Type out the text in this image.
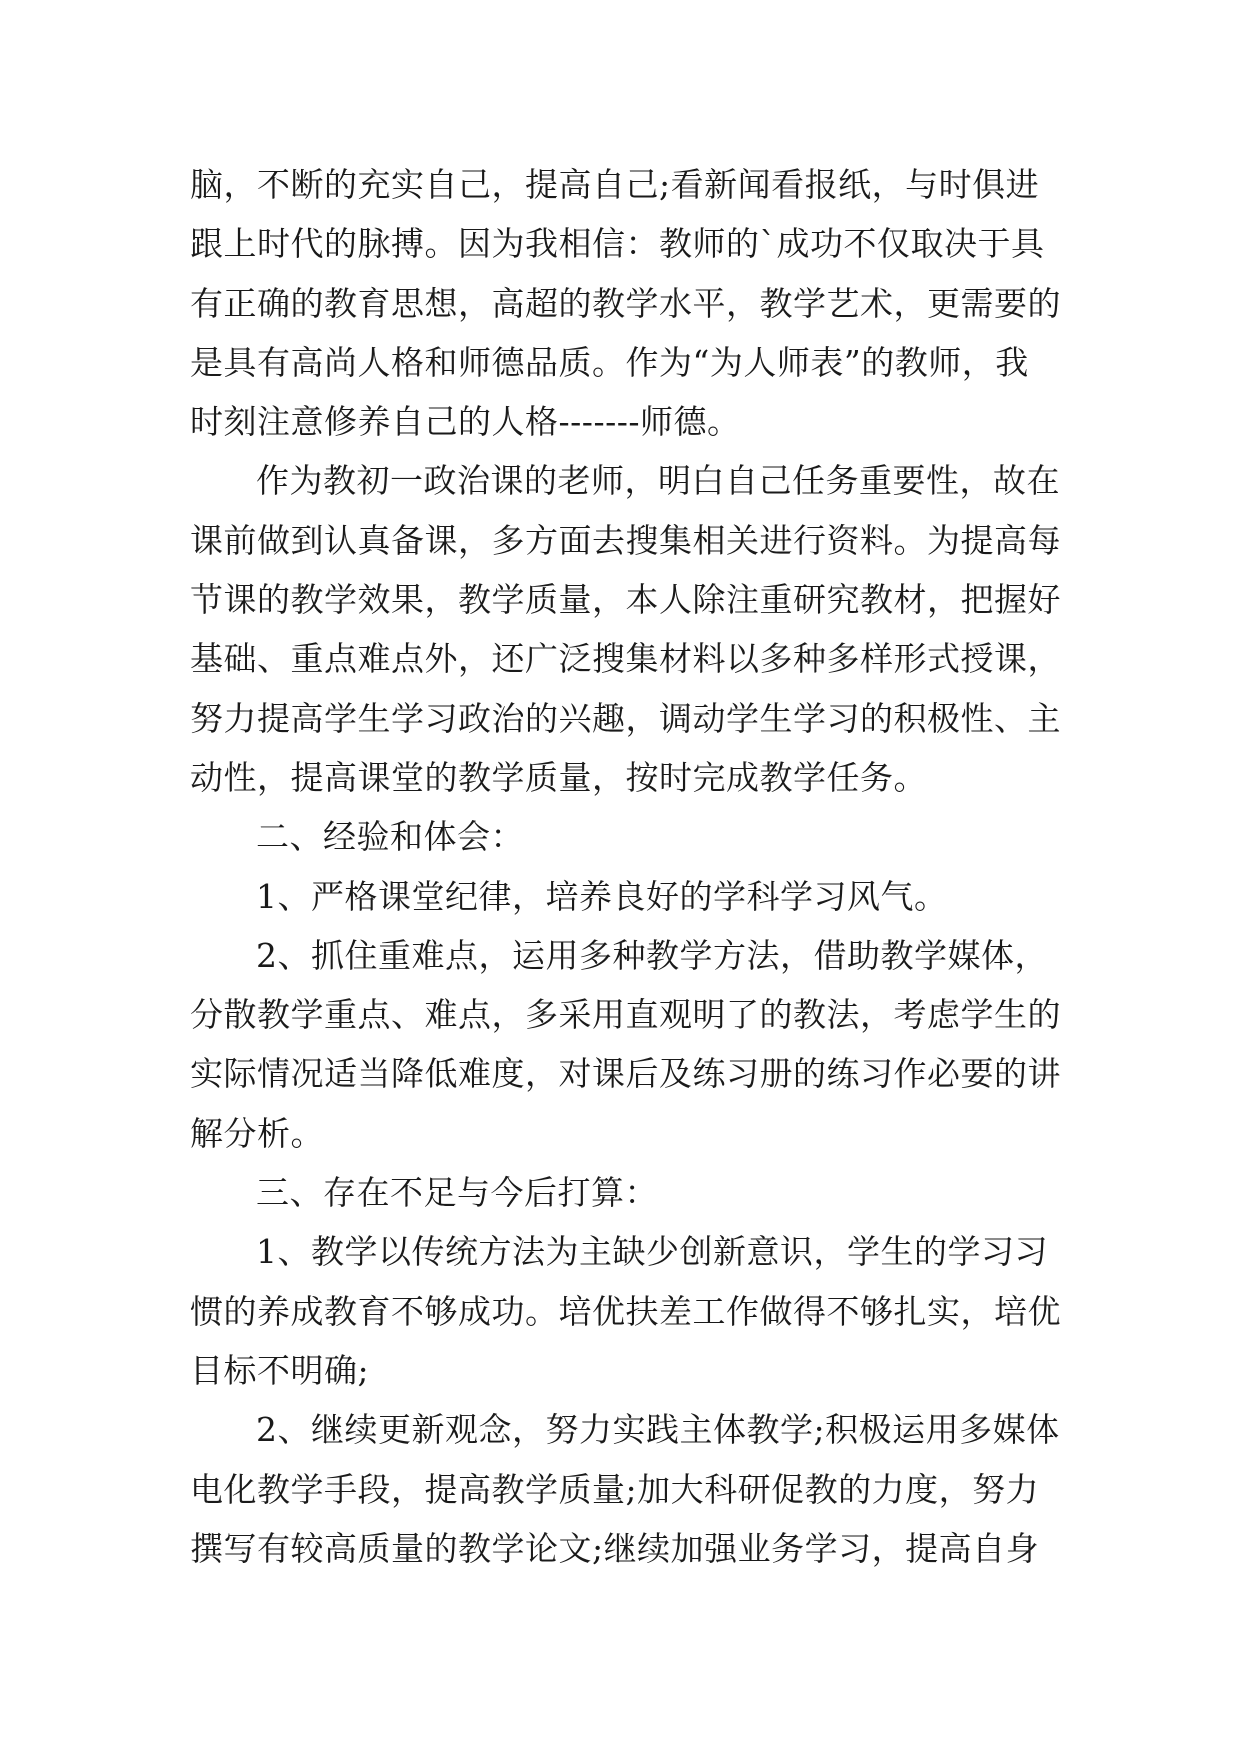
脑，不断的充实自己，提高自己;看新闻看报纸，与时俱进
跟上时代的脉搏。因为我相信：教师的`成功不仅取决于具
有正确的教育思想，高超的教学水平，教学艺术，更需要的
是具有高尚人格和师德品质。作为“为人师表”的教师，我
时刻注意修养自己的人格-------师德。
作为教初一政治课的老师，明白自己任务重要性，故在
课前做到认真备课，多方面去搜集相关进行资料。为提高每
节课的教学效果，教学质量，本人除注重研究教材，把握好
基础、重点难点外，还广泛搜集材料以多种多样形式授课，
努力提高学生学习政治的兴趣，调动学生学习的积极性、主
动性，提高课堂的教学质量，按时完成教学任务。
二、经验和体会：
1、严格课堂纪律，培养良好的学科学习风气。
2、抓住重难点，运用多种教学方法，借助教学媒体，
分散教学重点、难点，多采用直观明了的教法，考虑学生的
实际情况适当降低难度，对课后及练习册的练习作必要的讲
解分析。
三、存在不足与今后打算：
1、教学以传统方法为主缺少创新意识，学生的学习习
惯的养成教育不够成功。培优扶差工作做得不够扎实，培优
目标不明确;
2、继续更新观念，努力实践主体教学;积极运用多媒体
电化教学手段，提高教学质量;加大科研促教的力度，努力
撰写有较高质量的教学论文;继续加强业务学习，提高自身
